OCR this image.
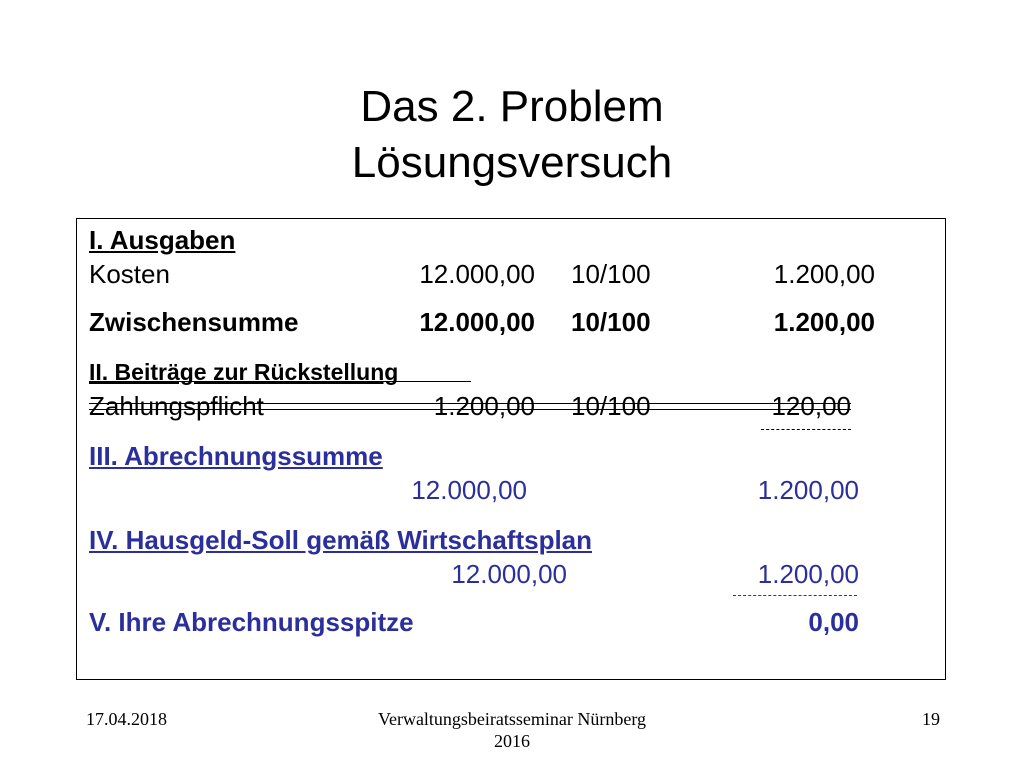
Das 2. Problem
Lösungsversuch
I. Ausgaben
Kosten	12.000,00 10/100	1.200,00
Zwischensumme	12.000,00 10/100	1.200,00
II. Beiträge zur Rückstellung
Zahlungspflicht	1.200,00 10/100	120,00
III. Abrechnungssumme
12.000,00	1.200,00
IV. Hausgeld-Soll gemäß Wirtschaftsplan
12.000,00	1.200,00
V. Ihre Abrechnungsspitze	0,00
17.04.2018	Verwaltungsbeiratsseminar Nürnberg
2016
19
